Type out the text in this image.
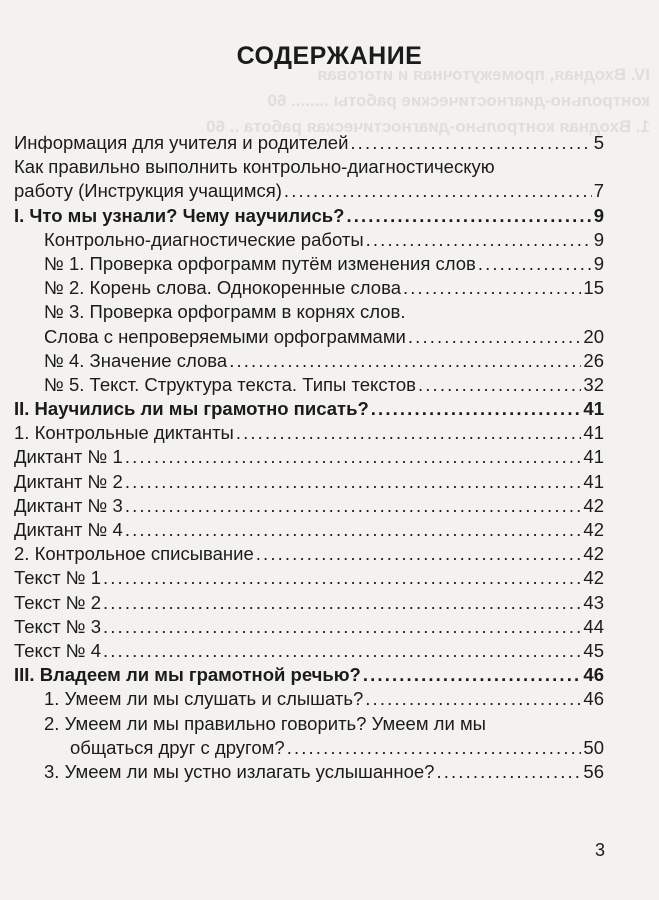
IV. Входная, промежуточная и итоговая
контрольно-диагностические работы ........ 60
1. Входная контрольно-диагностическая работа .. 60
СОДЕРЖАНИЕ
Информация для учителя и родителей . . .	5
Как правильно выполнить контрольно-диагностическую
работу (Инструкция учащимся) . . .	7
I. Что мы узнали? Чему научились? . . .	9
Контрольно-диагностические работы . . .	9
№ 1. Проверка орфограмм путём изменения слов . . .	9
№ 2. Корень слова. Однокоренные слова . . .	15
№ 3. Проверка орфограмм в корнях слов.
Слова с непроверяемыми орфограммами . . .	20
№ 4. Значение слова . . .	26
№ 5. Текст. Структура текста. Типы текстов . . .	32
II. Научились ли мы грамотно писать? . . .	41
1. Контрольные диктанты . . .	41
Диктант № 1 . . .	41
Диктант № 2 . . .	41
Диктант № 3 . . .	42
Диктант № 4 . . .	42
2. Контрольное списывание . . .	42
Текст № 1 . . .	42
Текст № 2 . . .	43
Текст № 3 . . .	44
Текст № 4 . . .	45
III. Владеем ли мы грамотной речью? . . .	46
1. Умеем ли мы слушать и слышать? . . .	46
2. Умеем ли мы правильно говорить? Умеем ли мы
общаться друг с другом? . . .	50
3. Умеем ли мы устно излагать услышанное? . . .	56
3
